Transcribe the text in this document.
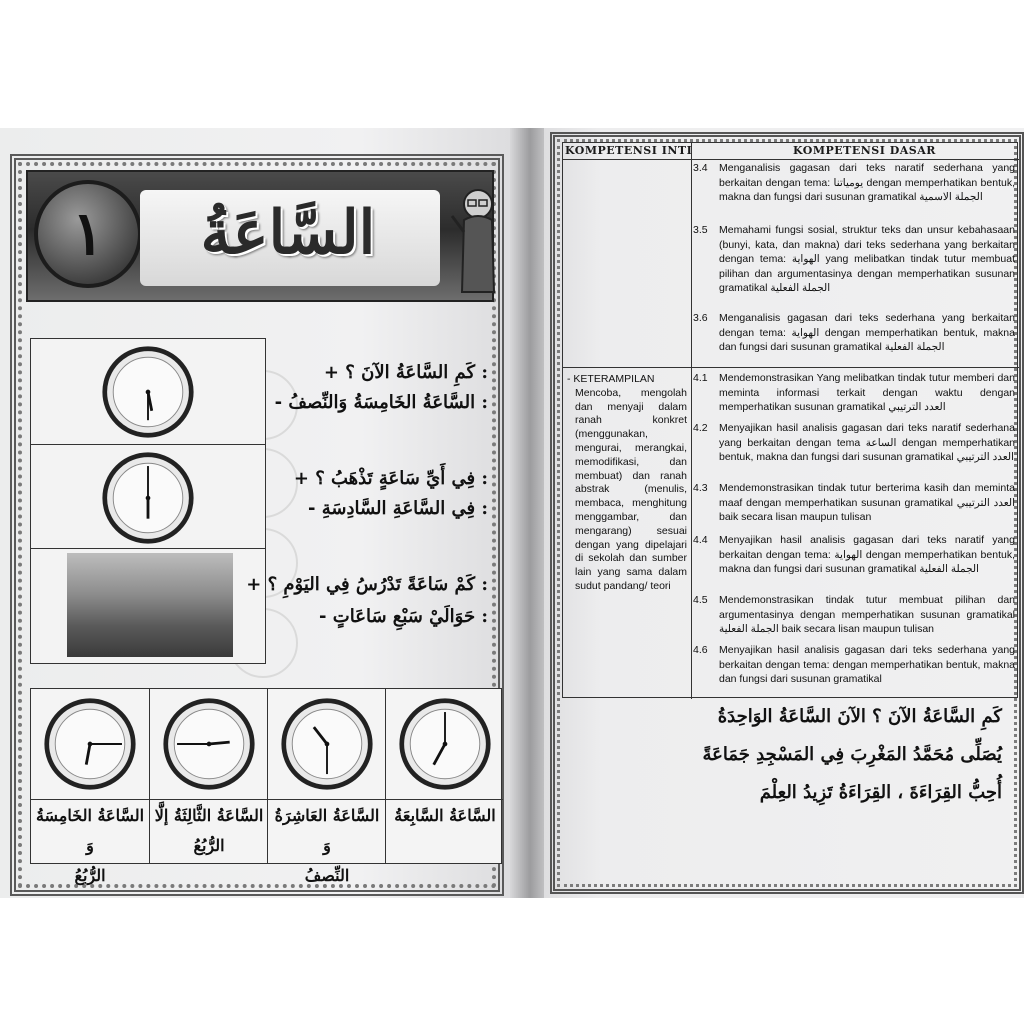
١	السَّاعَةُ
: كَمِ السَّاعَةُ الآنَ ؟ +
: السَّاعَةُ الخَامِسَةُ وَالنِّصفُ -
: فِي أَيِّ سَاعَةٍ تَذْهَبُ ؟ +
: فِي السَّاعَةِ السَّادِسَةِ -
: كَمْ سَاعَةً تَدْرُسُ فِي اليَوْمِ ؟ +
: حَوَالَيْ سَبْعِ سَاعَاتٍ -
السَّاعَةُ الخَامِسَةُ وَ
الرُّبُعُ
السَّاعَةُ الثَّالِثَةُ إلَّا
الرُّبُعُ
السَّاعَةُ العَاشِرَةُ وَ
النِّصفُ
السَّاعَةُ السَّابِعَةُ
KOMPETENSI INTI	KOMPETENSI DASAR
3.4	Menganalisis gagasan dari teks naratif sederhana yang berkaitan dengan tema: يومياتنا dengan memperhatikan bentuk, makna dan fungsi dari susunan gramatikal الجملة الاسمية
3.5	Memahami fungsi sosial, struktur teks dan unsur kebahasaan (bunyi, kata, dan makna) dari teks sederhana yang berkaitan dengan tema: الهواية yang melibatkan tindak tutur membuat pilihan dan argumentasinya dengan memperhatikan susunan gramatikal الجملة الفعلية
3.6	Menganalisis gagasan dari teks sederhana yang berkaitan dengan tema: الهواية dengan memperhatikan bentuk, makna dan fungsi dari susunan gramatikal الجملة الفعلية
- KETERAMPILAN
Mencoba, mengolah dan menyaji dalam ranah konkret (menggunakan, mengurai, merangkai, memodifikasi, dan membuat) dan ranah abstrak (menulis, membaca, menghitung menggambar, dan mengarang) sesuai dengan yang dipelajari di sekolah dan sumber lain yang sama dalam sudut pandang/ teori
4.1	Mendemonstrasikan Yang melibatkan tindak tutur memberi dan meminta informasi terkait dengan waktu dengan memperhatikan susunan gramatikal العدد الترتيبي
4.2	Menyajikan hasil analisis gagasan dari teks naratif sederhana yang berkaitan dengan tema الساعة dengan memperhatikan bentuk, makna dan fungsi dari susunan gramatikal العدد الترتيبي
4.3	Mendemonstrasikan tindak tutur berterima kasih dan meminta maaf dengan memperhatikan susunan gramatikal العدد الترتيبي baik secara lisan maupun tulisan
4.4	Menyajikan hasil analisis gagasan dari teks naratif yang berkaitan dengan tema: الهواية dengan memperhatikan bentuk, makna dan fungsi dari susunan gramatikal الجملة الفعلية
4.5	Mendemonstrasikan tindak tutur membuat pilihan dan argumentasinya dengan memperhatikan susunan gramatikal الجملة الفعلية baik secara lisan maupun tulisan
4.6	Menyajikan hasil analisis gagasan dari teks sederhana yang berkaitan dengan tema: dengan memperhatikan bentuk, makna dan fungsi dari susunan gramatikal
كَمِ السَّاعَةُ الآنَ ؟ الآنَ السَّاعَةُ الوَاحِدَةُ
يُصَلِّى مُحَمَّدُ المَغْرِبَ فِي المَسْجِدِ جَمَاعَةً
أُحِبُّ القِرَاءَةَ ، القِرَاءَةُ تَزِيدُ العِلْمَ
